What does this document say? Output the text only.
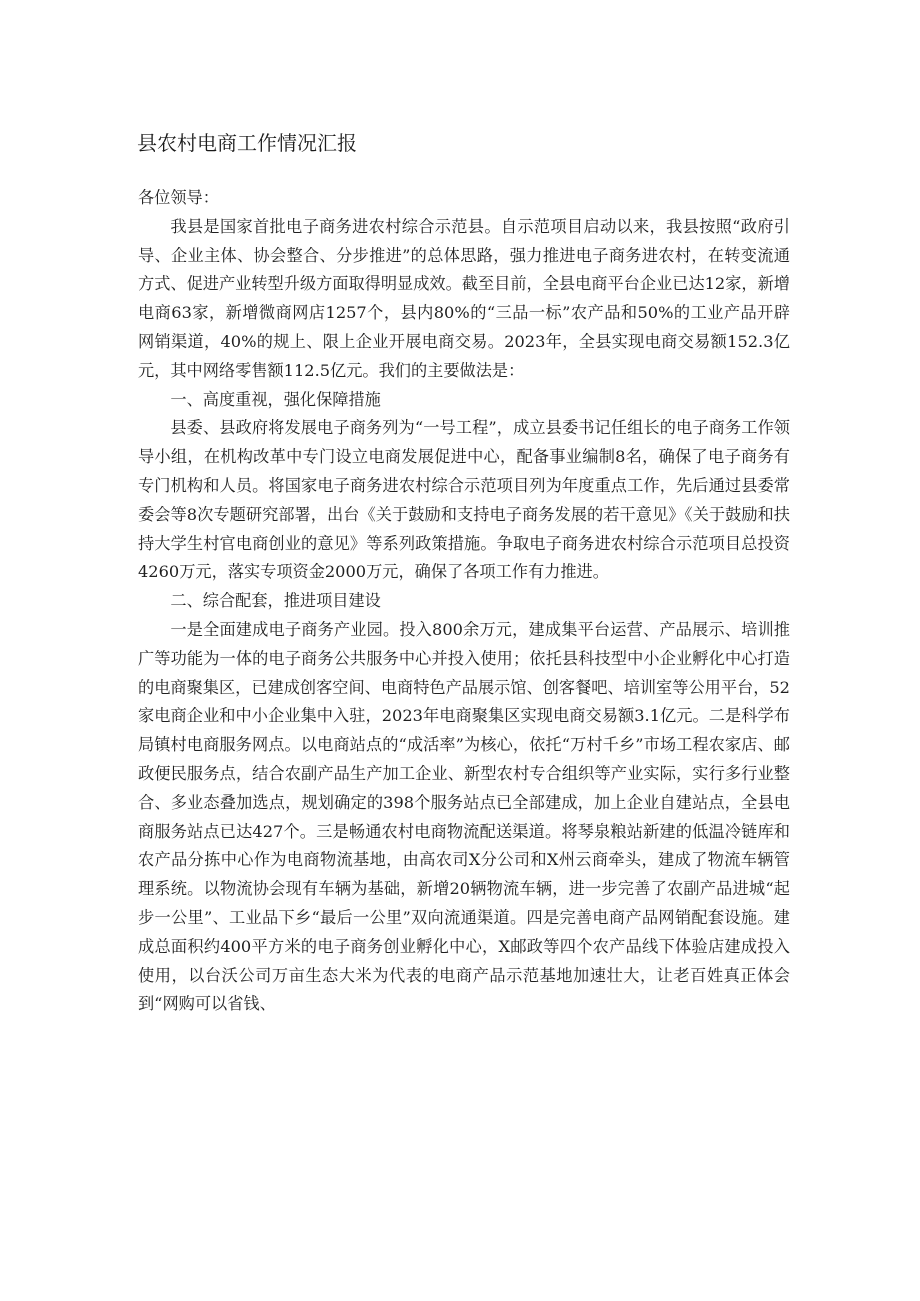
县农村电商工作情况汇报

各位领导：

我县是国家首批电子商务进农村综合示范县。自示范项目启动以来，我县按照“政府引导、企业主体、协会整合、分步推进”的总体思路，强力推进电子商务进农村，在转变流通方式、促进产业转型升级方面取得明显成效。截至目前，全县电商平台企业已达12家，新增电商63家，新增微商网店1257个，县内80%的“三品一标”农产品和50%的工业产品开辟网销渠道，40%的规上、限上企业开展电商交易。2023年，全县实现电商交易额152.3亿元，其中网络零售额112.5亿元。我们的主要做法是：

一、高度重视，强化保障措施

县委、县政府将发展电子商务列为“一号工程”，成立县委书记任组长的电子商务工作领导小组，在机构改革中专门设立电商发展促进中心，配备事业编制8名，确保了电子商务有专门机构和人员。将国家电子商务进农村综合示范项目列为年度重点工作，先后通过县委常委会等8次专题研究部署，出台《关于鼓励和支持电子商务发展的若干意见》《关于鼓励和扶持大学生村官电商创业的意见》等系列政策措施。争取电子商务进农村综合示范项目总投资4260万元，落实专项资金2000万元，确保了各项工作有力推进。

二、综合配套，推进项目建设

一是全面建成电子商务产业园。投入800余万元，建成集平台运营、产品展示、培训推广等功能为一体的电子商务公共服务中心并投入使用；依托县科技型中小企业孵化中心打造的电商聚集区，已建成创客空间、电商特色产品展示馆、创客餐吧、培训室等公用平台，52家电商企业和中小企业集中入驻，2023年电商聚集区实现电商交易额3.1亿元。二是科学布局镇村电商服务网点。以电商站点的“成活率”为核心，依托“万村千乡”市场工程农家店、邮政便民服务点，结合农副产品生产加工企业、新型农村专合组织等产业实际，实行多行业整合、多业态叠加选点，规划确定的398个服务站点已全部建成，加上企业自建站点，全县电商服务站点已达427个。三是畅通农村电商物流配送渠道。将琴泉粮站新建的低温冷链库和农产品分拣中心作为电商物流基地，由高农司X分公司和X州云商牵头，建成了物流车辆管理系统。以物流协会现有车辆为基础，新增20辆物流车辆，进一步完善了农副产品进城“起步一公里”、工业品下乡“最后一公里”双向流通渠道。四是完善电商产品网销配套设施。建成总面积约400平方米的电子商务创业孵化中心，X邮政等四个农产品线下体验店建成投入使用，以台沃公司万亩生态大米为代表的电商产品示范基地加速壮大，让老百姓真正体会到“网购可以省钱、
